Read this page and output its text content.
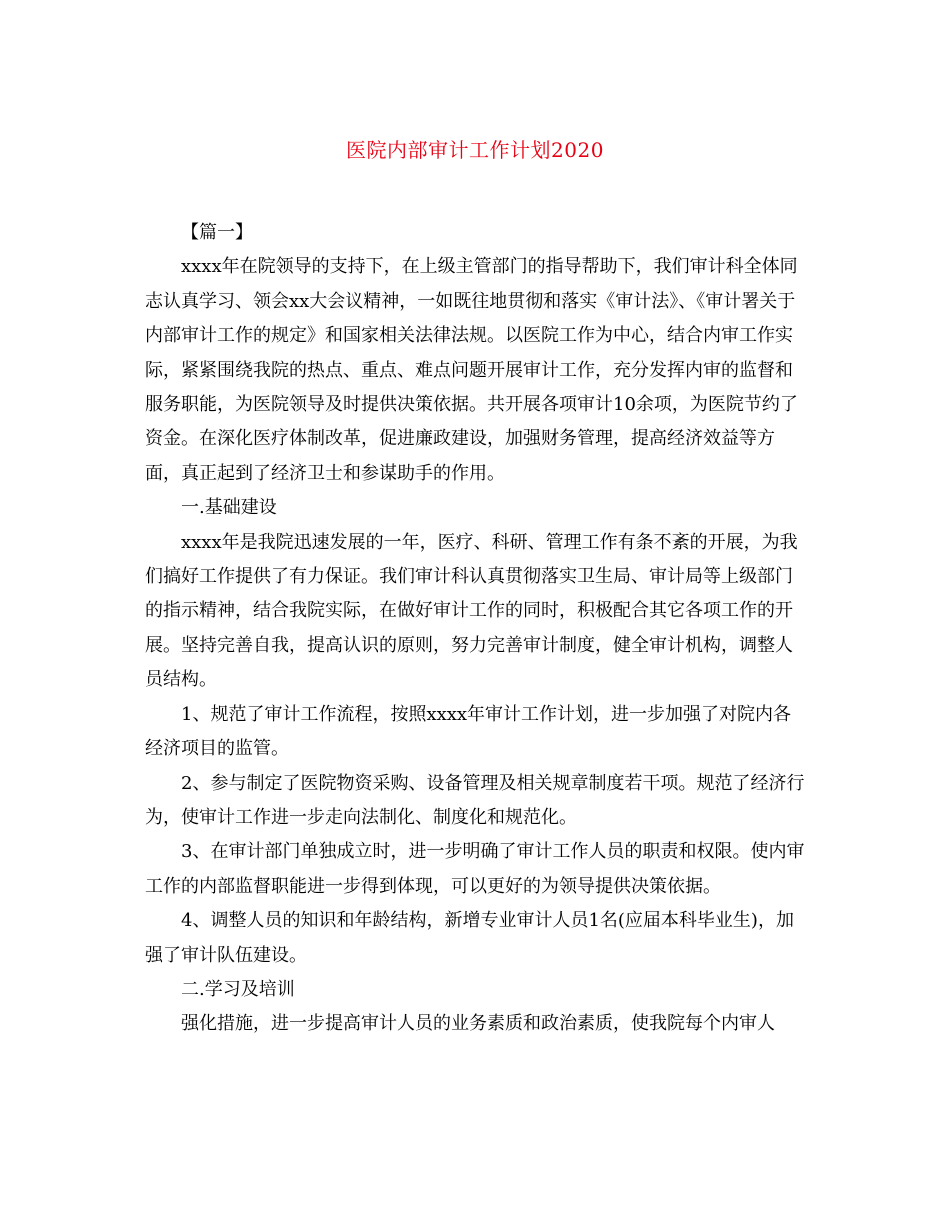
医院内部审计工作计划2020

【篇一】

xxxx年在院领导的支持下，在上级主管部门的指导帮助下，我们审计科全体同志认真学习、领会xx大会议精神，一如既往地贯彻和落实《审计法》、《审计署关于内部审计工作的规定》和国家相关法律法规。以医院工作为中心，结合内审工作实际，紧紧围绕我院的热点、重点、难点问题开展审计工作，充分发挥内审的监督和服务职能，为医院领导及时提供决策依据。共开展各项审计10余项，为医院节约了资金。在深化医疗体制改革，促进廉政建设，加强财务管理，提高经济效益等方面，真正起到了经济卫士和参谋助手的作用。

一.基础建设

xxxx年是我院迅速发展的一年，医疗、科研、管理工作有条不紊的开展，为我们搞好工作提供了有力保证。我们审计科认真贯彻落实卫生局、审计局等上级部门的指示精神，结合我院实际，在做好审计工作的同时，积极配合其它各项工作的开展。坚持完善自我，提高认识的原则，努力完善审计制度，健全审计机构，调整人员结构。

1、规范了审计工作流程，按照xxxx年审计工作计划，进一步加强了对院内各经济项目的监管。

2、参与制定了医院物资采购、设备管理及相关规章制度若干项。规范了经济行为，使审计工作进一步走向法制化、制度化和规范化。

3、在审计部门单独成立时，进一步明确了审计工作人员的职责和权限。使内审工作的内部监督职能进一步得到体现，可以更好的为领导提供决策依据。

4、调整人员的知识和年龄结构，新增专业审计人员1名(应届本科毕业生)，加强了审计队伍建设。

二.学习及培训

强化措施，进一步提高审计人员的业务素质和政治素质，使我院每个内审人
